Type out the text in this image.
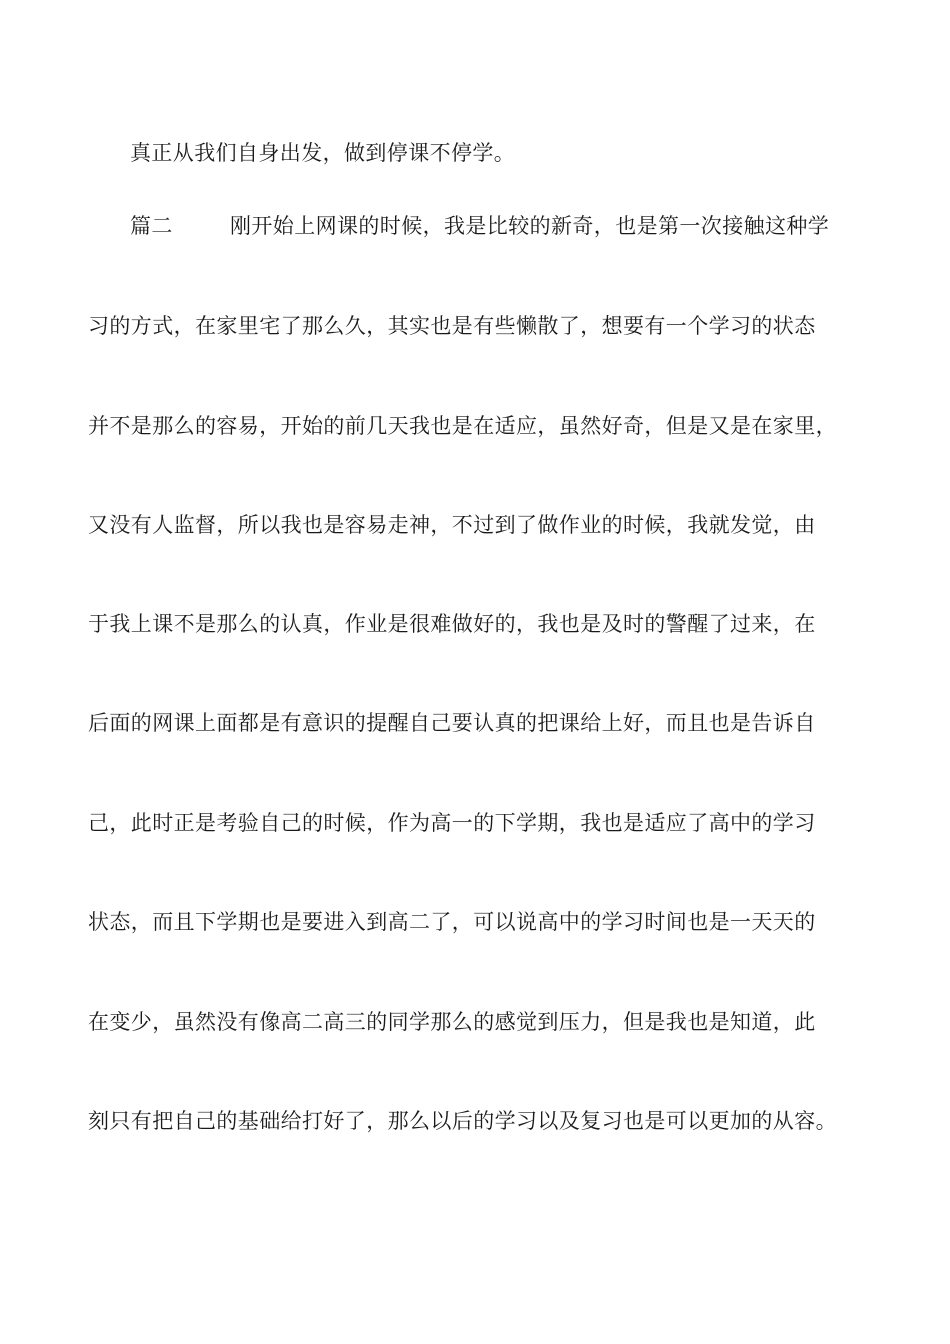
真正从我们自身出发，做到停课不停学。
篇二	刚开始上网课的时候，我是比较的新奇，也是第一次接触这种学
习的方式，在家里宅了那么久，其实也是有些懒散了，想要有一个学习的状态
并不是那么的容易，开始的前几天我也是在适应，虽然好奇，但是又是在家里，
又没有人监督，所以我也是容易走神，不过到了做作业的时候，我就发觉，由
于我上课不是那么的认真，作业是很难做好的，我也是及时的警醒了过来，在
后面的网课上面都是有意识的提醒自己要认真的把课给上好，而且也是告诉自
己，此时正是考验自己的时候，作为高一的下学期，我也是适应了高中的学习
状态，而且下学期也是要进入到高二了，可以说高中的学习时间也是一天天的
在变少，虽然没有像高二高三的同学那么的感觉到压力，但是我也是知道，此
刻只有把自己的基础给打好了，那么以后的学习以及复习也是可以更加的从容。
